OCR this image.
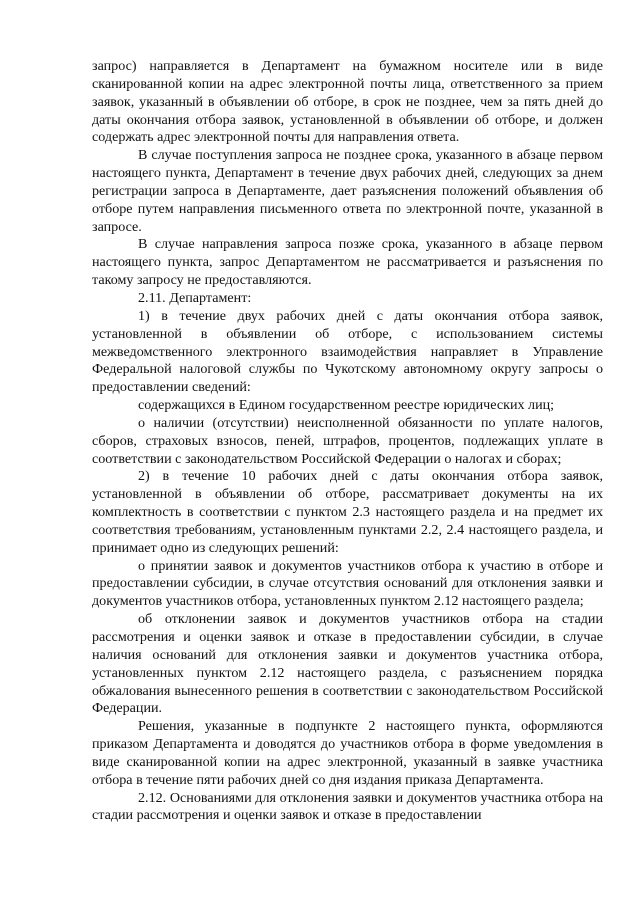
запрос) направляется в Департамент на бумажном носителе или в виде сканированной копии на адрес электронной почты лица, ответственного за прием заявок, указанный в объявлении об отборе, в срок не позднее, чем за пять дней до даты окончания отбора заявок, установленной в объявлении об отборе, и должен содержать адрес электронной почты для направления ответа.

В случае поступления запроса не позднее срока, указанного в абзаце первом настоящего пункта, Департамент в течение двух рабочих дней, следующих за днем регистрации запроса в Департаменте, дает разъяснения положений объявления об отборе путем направления письменного ответа по электронной почте, указанной в запросе.

В случае направления запроса позже срока, указанного в абзаце первом настоящего пункта, запрос Департаментом не рассматривается и разъяснения по такому запросу не предоставляются.

2.11. Департамент:

1) в течение двух рабочих дней с даты окончания отбора заявок, установленной в объявлении об отборе, с использованием системы межведомственного электронного взаимодействия направляет в Управление Федеральной налоговой службы по Чукотскому автономному округу запросы о предоставлении сведений:

содержащихся в Едином государственном реестре юридических лиц;

о наличии (отсутствии) неисполненной обязанности по уплате налогов, сборов, страховых взносов, пеней, штрафов, процентов, подлежащих уплате в соответствии с законодательством Российской Федерации о налогах и сборах;

2) в течение 10 рабочих дней с даты окончания отбора заявок, установленной в объявлении об отборе, рассматривает документы на их комплектность в соответствии с пунктом 2.3 настоящего раздела и на предмет их соответствия требованиям, установленным пунктами 2.2, 2.4 настоящего раздела, и принимает одно из следующих решений:

о принятии заявок и документов участников отбора к участию в отборе и предоставлении субсидии, в случае отсутствия оснований для отклонения заявки и документов участников отбора, установленных пунктом 2.12 настоящего раздела;

об отклонении заявок и документов участников отбора на стадии рассмотрения и оценки заявок и отказе в предоставлении субсидии, в случае наличия оснований для отклонения заявки и документов участника отбора, установленных пунктом 2.12 настоящего раздела, с разъяснением порядка обжалования вынесенного решения в соответствии с законодательством Российской Федерации.

Решения, указанные в подпункте 2 настоящего пункта, оформляются приказом Департамента и доводятся до участников отбора в форме уведомления в виде сканированной копии на адрес электронной, указанный в заявке участника отбора в течение пяти рабочих дней со дня издания приказа Департамента.

2.12. Основаниями для отклонения заявки и документов участника отбора на стадии рассмотрения и оценки заявок и отказе в предоставлении
